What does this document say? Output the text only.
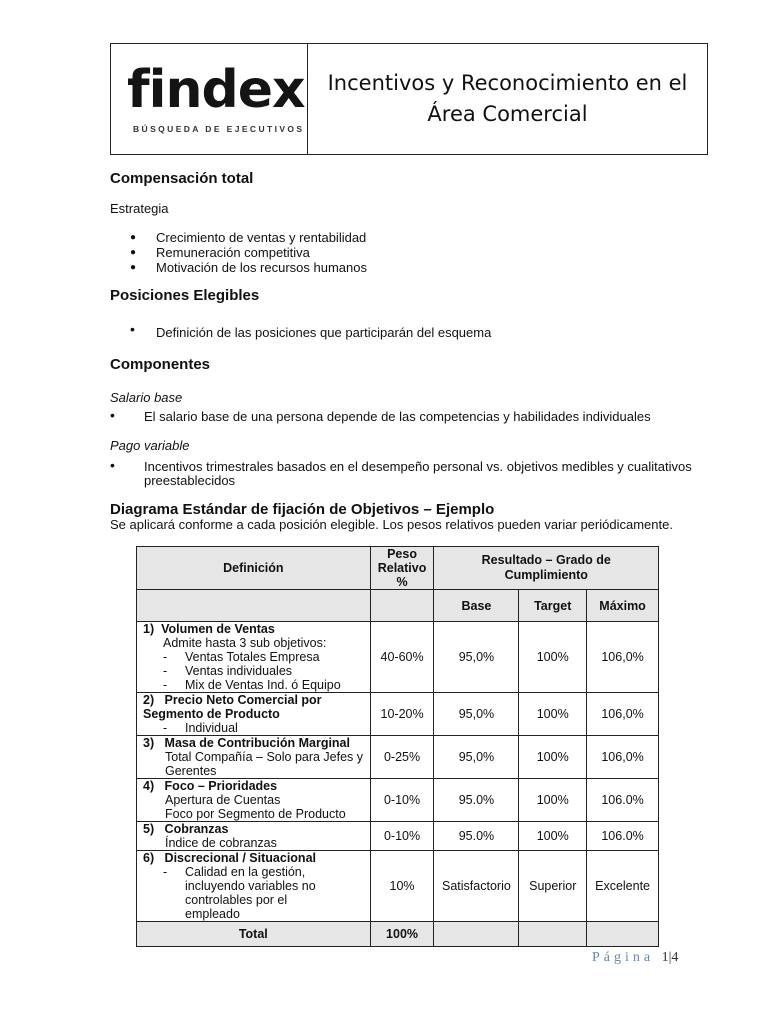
findex
BÚSQUEDA DE EJECUTIVOS
Incentivos y Reconocimiento en el
Área Comercial
Compensación total
Estrategia
● Crecimiento de ventas y rentabilidad
● Remuneración competitiva
● Motivación de los recursos humanos
Posiciones Elegibles
• Definición de las posiciones que participarán del esquema
Componentes
Salario base
• El salario base de una persona depende de las competencias y habilidades individuales
Pago variable
• Incentivos trimestrales basados en el desempeño personal vs. objetivos medibles y cualitativos preestablecidos
Diagrama Estándar de fijación de Objetivos – Ejemplo
Se aplicará conforme a cada posición elegible. Los pesos relativos pueden variar periódicamente.
Definición	Peso Relativo %	Resultado – Grado de Cumplimiento		
		Base	Target	Máximo
1) Volumen de Ventas
Admite hasta 3 sub objetivos:
- Ventas Totales Empresa
- Ventas individuales
- Mix de Ventas Ind. ó Equipo	40-60%	95,0%	100%	106,0%
2) Precio Neto Comercial por Segmento de Producto
- Individual	10-20%	95,0%	100%	106,0%
3) Masa de Contribución Marginal
Total Compañía – Solo para Jefes y Gerentes	0-25%	95,0%	100%	106,0%
4) Foco – Prioridades
Apertura de Cuentas
Foco por Segmento de Producto	0-10%	95.0%	100%	106.0%
5) Cobranzas
Índice de cobranzas	0-10%	95.0%	100%	106.0%
6) Discrecional / Situacional
- Calidad en la gestión, incluyendo variables no controlables por el empleado	10%	Satisfactorio	Superior	Excelente
Total	100%			
Página 1|4
